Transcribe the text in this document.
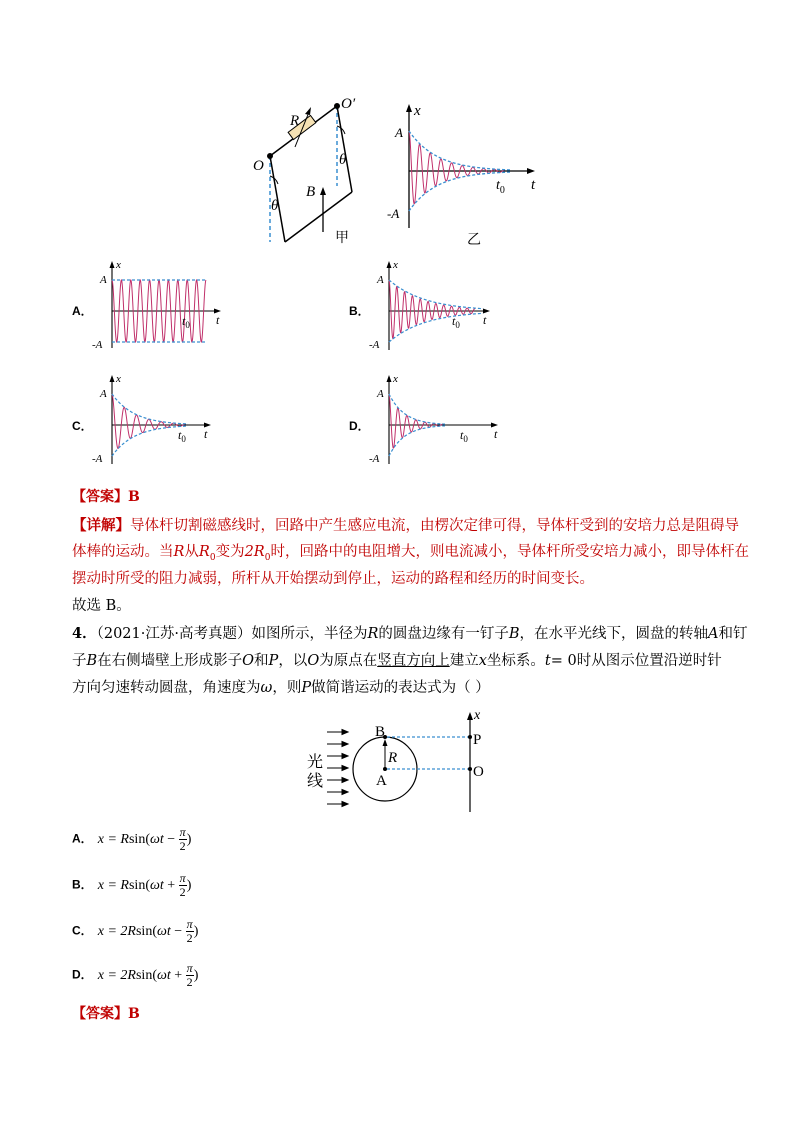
R
O
O′
θ
θ
B
甲
x
t
A
-A
$t_0$
乙
A．
x
t
A
-A
$t_0$
B．
x
t
A
-A
$t_0$
C．
x
t
A
-A
$t_0$
D．
x
t
A
-A
$t_0$
【答案】B
【详解】导体杆切割磁感线时，回路中产生感应电流，由楞次定律可得，导体杆受到的安培力总是阻碍导
体棒的运动。当R从$R_0$变为$2R_0$时，回路中的电阻增大，则电流减小，导体杆所受安培力减小，即导体杆在
摆动时所受的阻力减弱，所杆从开始摆动到停止，运动的路程和经历的时间变长。
故选 B。
4．（2021·江苏·高考真题）如图所示，半径为R的圆盘边缘有一钉子B，在水平光线下，圆盘的转轴A和钉
子B在右侧墙壁上形成影子O和P，以O为原点在竖直方向上建立x坐标系。t= 0时从图示位置沿逆时针
方向匀速转动圆盘，角速度为ω，则P做简谐运动的表达式为（ ）
光
线
B
R
A
x
P
O
A． $x = Rsin(\omega t - \frac{\pi}{2}$ )
B． $x = Rsin(\omega t + \frac{\pi}{2}$ )
C． $x = 2Rsin(\omega t - \frac{\pi}{2}$ )
D． $x = 2Rsin(\omega t + \frac{\pi}{2}$ )
【答案】B
